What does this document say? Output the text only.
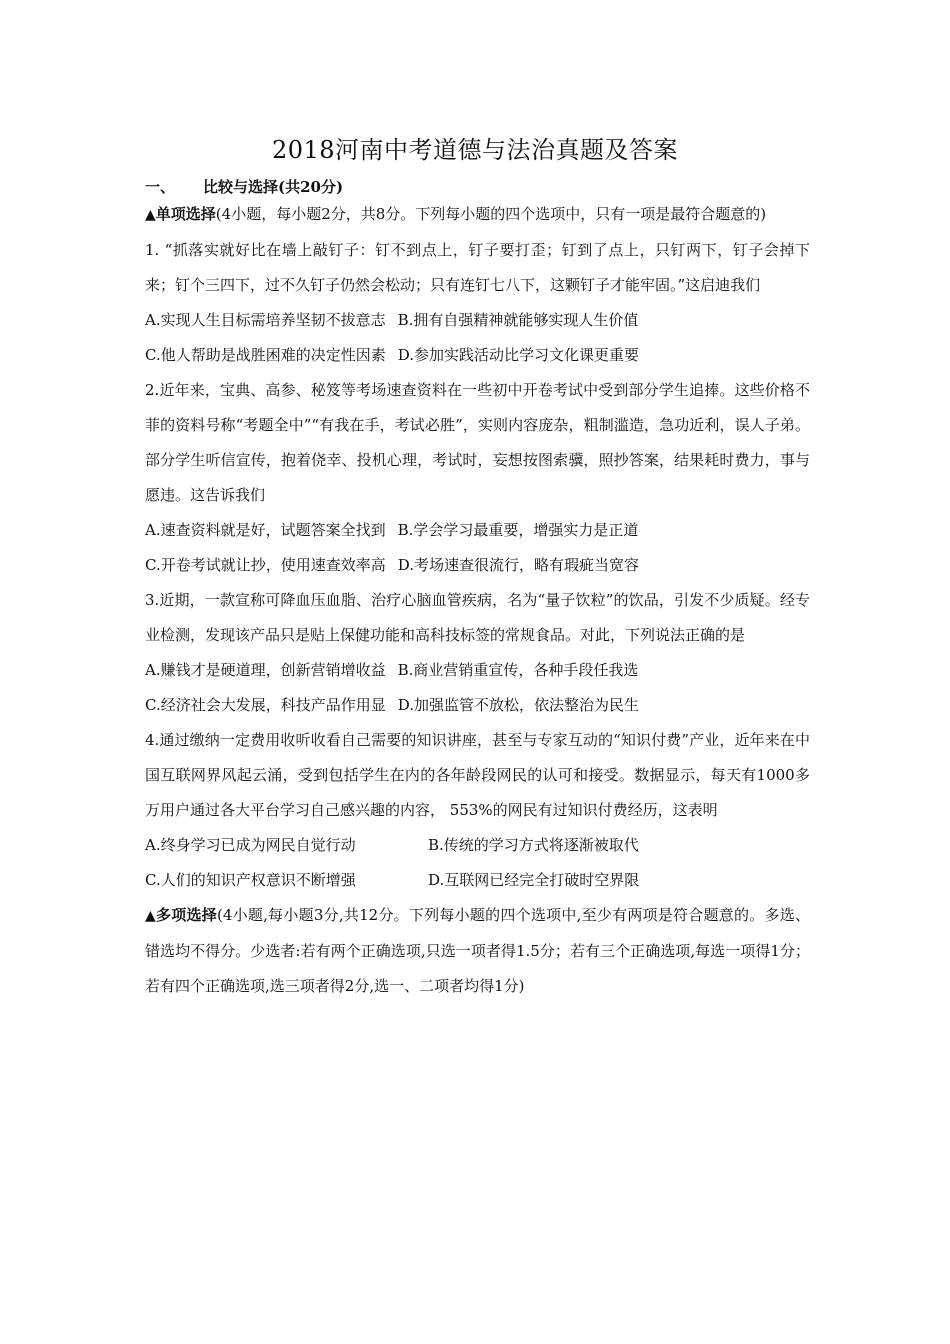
2018河南中考道德与法治真题及答案
一、 比较与选择(共20分)
▲单项选择(4小题，每小题2分，共8分。下列每小题的四个选项中，只有一项是最符合题意的)
1. “抓落实就好比在墙上敲钉子：钉不到点上，钉子要打歪；钉到了点上，只钉两下，钉子会掉下来；钉个三四下，过不久钉子仍然会松动；只有连钉七八下，这颗钉子才能牢固。”这启迪我们
A.实现人生目标需培养坚韧不拔意志 B.拥有自强精神就能够实现人生价值
C.他人帮助是战胜困难的决定性因素 D.参加实践活动比学习文化课更重要
2.近年来，宝典、高参、秘笈等考场速查资料在一些初中开卷考试中受到部分学生追捧。这些价格不菲的资料号称“考题全中”“有我在手，考试必胜”，实则内容庞杂，粗制滥造，急功近利，误人子弟。部分学生听信宣传，抱着侥幸、投机心理，考试时，妄想按图索骥，照抄答案，结果耗时费力，事与愿违。这告诉我们
A.速查资料就是好，试题答案全找到 B.学会学习最重要，增强实力是正道
C.开卷考试就让抄，使用速查效率高 D.考场速查很流行，略有瑕疵当宽容
3.近期，一款宣称可降血压血脂、治疗心脑血管疾病，名为“量子饮粒”的饮品，引发不少质疑。经专业检测，发现该产品只是贴上保健功能和高科技标签的常规食品。对此，下列说法正确的是
A.赚钱才是硬道理，创新营销增收益 B.商业营销重宣传，各种手段任我选
C.经济社会大发展，科技产品作用显 D.加强监管不放松，依法整治为民生
4.通过缴纳一定费用收听收看自己需要的知识讲座，甚至与专家互动的“知识付费”产业，近年来在中国互联网界风起云涌，受到包括学生在内的各年龄段网民的认可和接受。数据显示，每天有1000多万用户通过各大平台学习自己感兴趣的内容， 553%的网民有过知识付费经历，这表明
A.终身学习已成为网民自觉行动	B.传统的学习方式将逐渐被取代
C.人们的知识产权意识不断增强	D.互联网已经完全打破时空界限
▲多项选择(4小题,每小题3分,共12分。下列每小题的四个选项中,至少有两项是符合题意的。多选、错选均不得分。少选者:若有两个正确选项,只选一项者得1.5分；若有三个正确选项,每选一项得1分；若有四个正确选项,选三项者得2分,选一、二项者均得1分)
